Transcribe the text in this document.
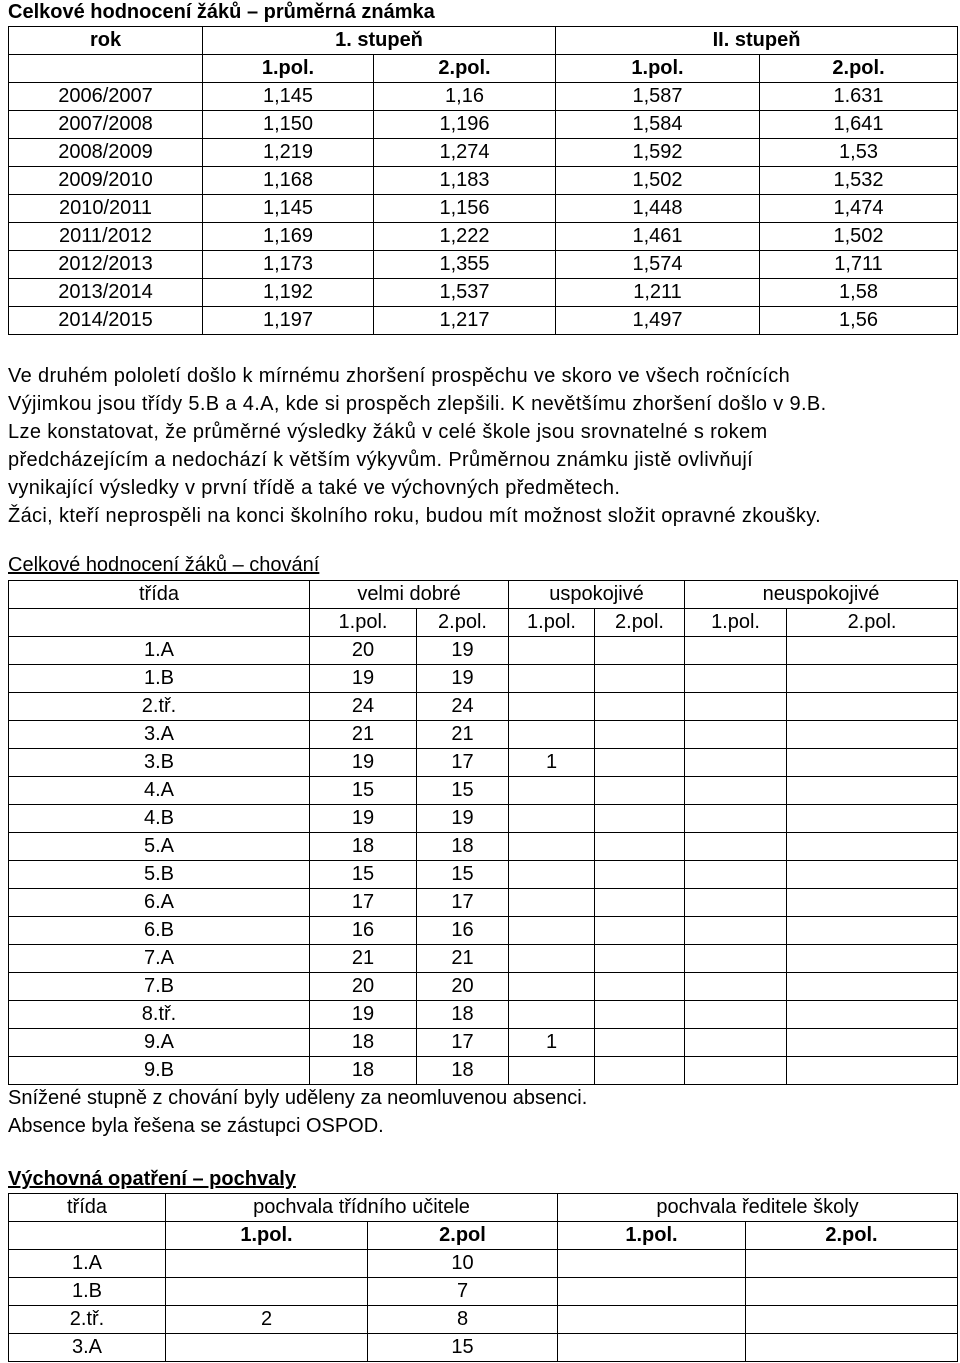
Celkové hodnocení žáků – průměrná známka
rok	1. stupeň		II. stupeň	
	1.pol.	2.pol.	1.pol.	2.pol.
2006/2007	1,145	1,16	1,587	1.631
2007/2008	1,150	1,196	1,584	1,641
2008/2009	1,219	1,274	1,592	1,53
2009/2010	1,168	1,183	1,502	1,532
2010/2011	1,145	1,156	1,448	1,474
2011/2012	1,169	1,222	1,461	1,502
2012/2013	1,173	1,355	1,574	1,711
2013/2014	1,192	1,537	1,211	1,58
2014/2015	1,197	1,217	1,497	1,56
Ve druhém pololetí došlo k mírnému zhoršení prospěchu ve skoro ve všech ročnících
Výjimkou jsou třídy 5.B a 4.A, kde si prospěch zlepšili. K nevětšímu zhoršení došlo v 9.B.
Lze konstatovat, že průměrné výsledky žáků v celé škole jsou srovnatelné s rokem
předcházejícím a nedochází k větším výkyvům. Průměrnou známku jistě ovlivňují
vynikající výsledky v první třídě a také ve výchovných předmětech.
Žáci, kteří neprospěli na konci školního roku, budou mít možnost složit opravné zkoušky.
Celkové hodnocení žáků – chování
třída	velmi dobré		uspokojivé		neuspokojivé	
	1.pol.	2.pol.	1.pol.	2.pol.	1.pol.	2.pol.
1.A	20	19				
1.B	19	19				
2.tř.	24	24				
3.A	21	21				
3.B	19	17	1			
4.A	15	15				
4.B	19	19				
5.A	18	18				
5.B	15	15				
6.A	17	17				
6.B	16	16				
7.A	21	21				
7.B	20	20				
8.tř.	19	18				
9.A	18	17	1			
9.B	18	18				
Snížené stupně z chování byly uděleny za neomluvenou absenci.
Absence byla řešena se zástupci OSPOD.
Výchovná opatření – pochvaly
třída	pochvala třídního učitele		pochvala ředitele školy	
	1.pol.	2.pol	1.pol.	2.pol.
1.A		10		
1.B		7		
2.tř.	2	8		
3.A		15		
